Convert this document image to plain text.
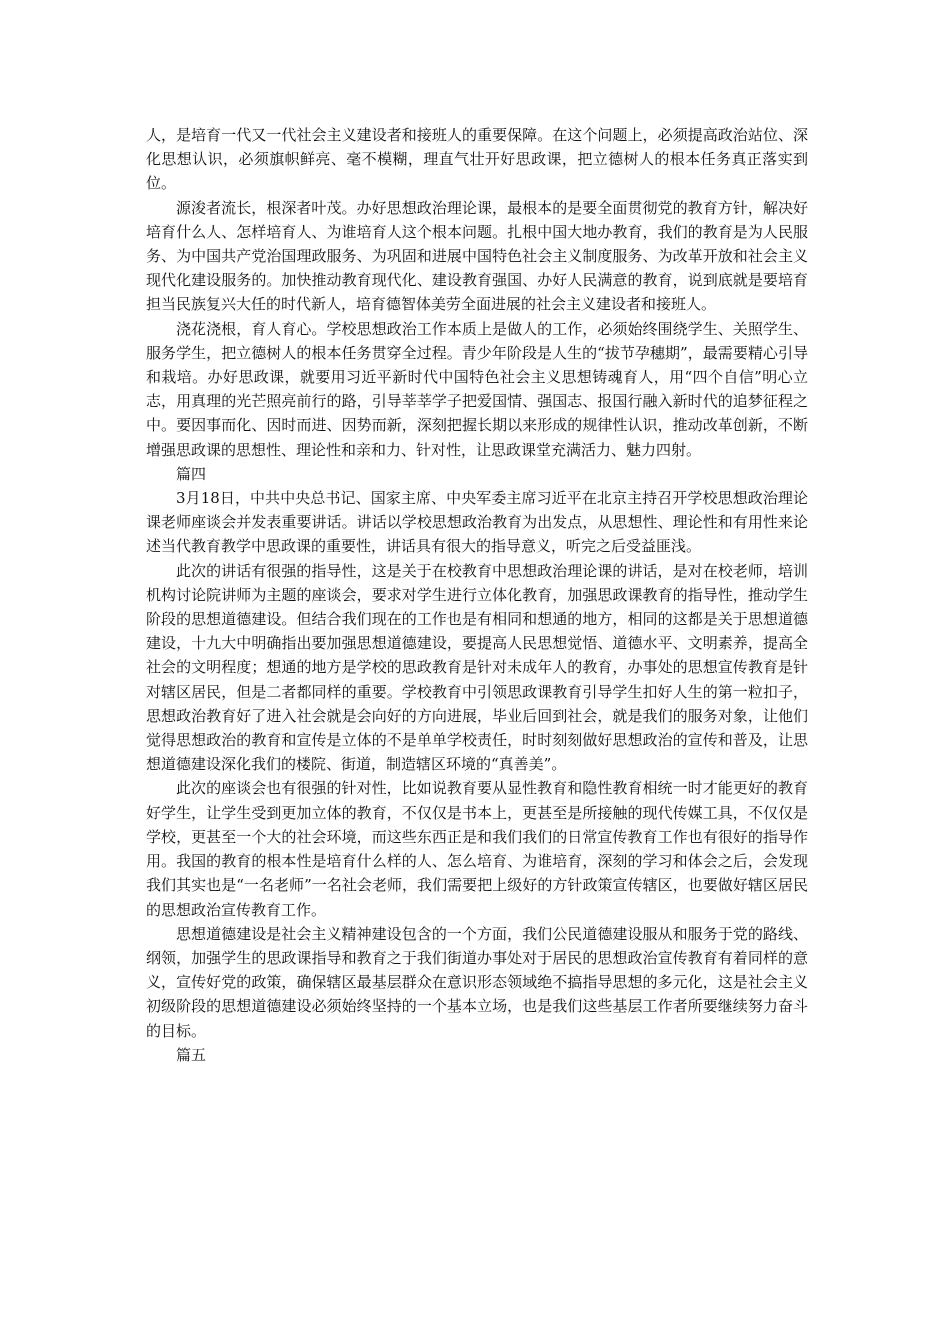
人，是培育一代又一代社会主义建设者和接班人的重要保障。在这个问题上，必须提高政治站位、深化思想认识，必须旗帜鲜亮、毫不模糊，理直气壮开好思政课，把立德树人的根本任务真正落实到位。

源浚者流长，根深者叶茂。办好思想政治理论课，最根本的是要全面贯彻党的教育方针，解决好培育什么人、怎样培育人、为谁培育人这个根本问题。扎根中国大地办教育，我们的教育是为人民服务、为中国共产党治国理政服务、为巩固和进展中国特色社会主义制度服务、为改革开放和社会主义现代化建设服务的。加快推动教育现代化、建设教育强国、办好人民满意的教育，说到底就是要培育担当民族复兴大任的时代新人，培育德智体美劳全面进展的社会主义建设者和接班人。

浇花浇根，育人育心。学校思想政治工作本质上是做人的工作，必须始终围绕学生、关照学生、服务学生，把立德树人的根本任务贯穿全过程。青少年阶段是人生的“拔节孕穗期”，最需要精心引导和栽培。办好思政课，就要用习近平新时代中国特色社会主义思想铸魂育人，用“四个自信”明心立志，用真理的光芒照亮前行的路，引导莘莘学子把爱国情、强国志、报国行融入新时代的追梦征程之中。要因事而化、因时而进、因势而新，深刻把握长期以来形成的规律性认识，推动改革创新，不断增强思政课的思想性、理论性和亲和力、针对性，让思政课堂充满活力、魅力四射。

篇四

3月18日，中共中央总书记、国家主席、中央军委主席习近平在北京主持召开学校思想政治理论课老师座谈会并发表重要讲话。讲话以学校思想政治教育为出发点，从思想性、理论性和有用性来论述当代教育教学中思政课的重要性，讲话具有很大的指导意义，听完之后受益匪浅。

此次的讲话有很强的指导性，这是关于在校教育中思想政治理论课的讲话，是对在校老师，培训机构讨论院讲师为主题的座谈会，要求对学生进行立体化教育，加强思政课教育的指导性，推动学生阶段的思想道德建设。但结合我们现在的工作也是有相同和想通的地方，相同的这都是关于思想道德建设，十九大中明确指出要加强思想道德建设，要提高人民思想觉悟、道德水平、文明素养，提高全社会的文明程度；想通的地方是学校的思政教育是针对未成年人的教育，办事处的思想宣传教育是针对辖区居民，但是二者都同样的重要。学校教育中引领思政课教育引导学生扣好人生的第一粒扣子，思想政治教育好了进入社会就是会向好的方向进展，毕业后回到社会，就是我们的服务对象，让他们觉得思想政治的教育和宣传是立体的不是单单学校责任，时时刻刻做好思想政治的宣传和普及，让思想道德建设深化我们的楼院、街道，制造辖区环境的“真善美”。

此次的座谈会也有很强的针对性，比如说教育要从显性教育和隐性教育相统一时才能更好的教育好学生，让学生受到更加立体的教育，不仅仅是书本上，更甚至是所接触的现代传媒工具，不仅仅是学校，更甚至一个大的社会环境，而这些东西正是和我们我们的日常宣传教育工作也有很好的指导作用。我国的教育的根本性是培育什么样的人、怎么培育、为谁培育，深刻的学习和体会之后，会发现我们其实也是“一名老师”一名社会老师，我们需要把上级好的方针政策宣传辖区，也要做好辖区居民的思想政治宣传教育工作。

思想道德建设是社会主义精神建设包含的一个方面，我们公民道德建设服从和服务于党的路线、纲领，加强学生的思政课指导和教育之于我们街道办事处对于居民的思想政治宣传教育有着同样的意义，宣传好党的政策，确保辖区最基层群众在意识形态领域绝不搞指导思想的多元化，这是社会主义初级阶段的思想道德建设必须始终坚持的一个基本立场，也是我们这些基层工作者所要继续努力奋斗的目标。

篇五
